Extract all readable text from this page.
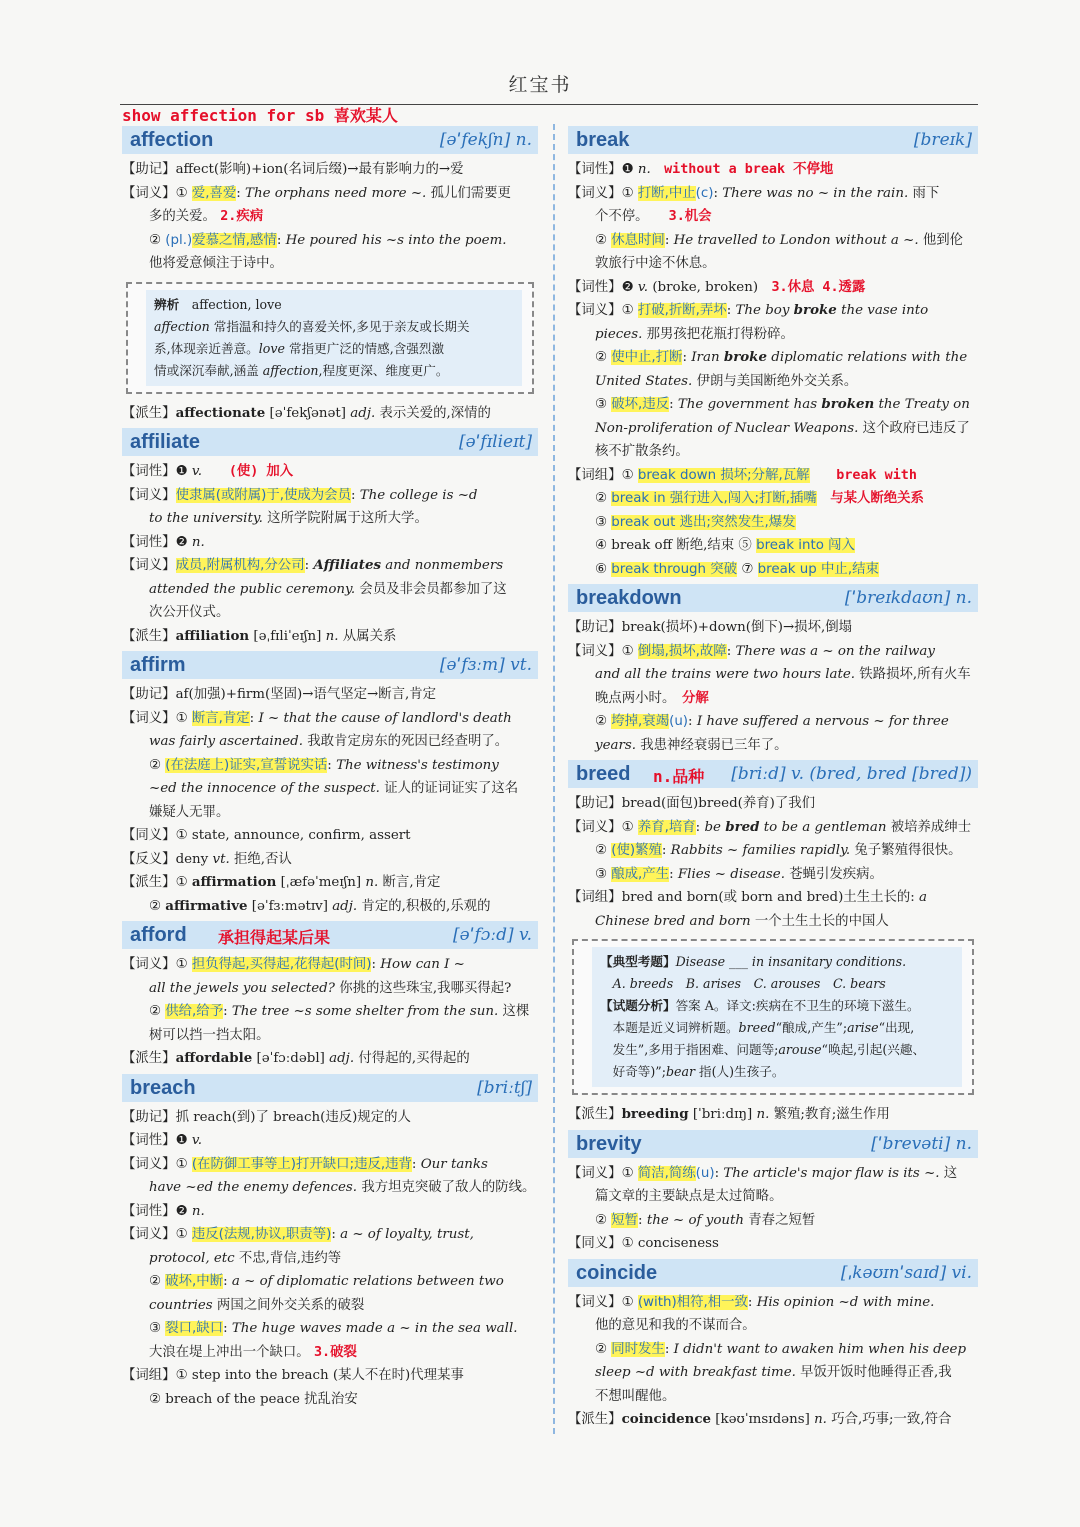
红宝书
show affection for sb 喜欢某人
affection	[əˈfekʃn] n.
【助记】affect(影响)+ion(名词后缀)→最有影响力的→爱
【词义】① 爱,喜爱: The orphans need more ~. 孤儿们需要更
多的关爱。 2.疾病
② (pl.)爱慕之情,感情: He poured his ~s into the poem.
他将爱意倾注于诗中。
辨析　affection, love
affection 常指温和持久的喜爱关怀,多见于亲友或长期关
系,体现亲近善意。love 常指更广泛的情感,含强烈激
情或深沉奉献,涵盖 affection,程度更深、维度更广。
【派生】affectionate [əˈfekʃənət] adj. 表示关爱的,深情的
affiliate	[əˈfɪlieɪt]
【词性】❶ v.　　 (使) 加入
【词义】使隶属(或附属)于,使成为会员: The college is ~d
to the university. 这所学院附属于这所大学。
【词性】❷ n.
【词义】成员,附属机构,分公司: Affiliates and nonmembers
attended the public ceremony. 会员及非会员都参加了这
次公开仪式。
【派生】affiliation [əˌfɪliˈeɪʃn] n. 从属关系
affirm	[əˈfɜːm] vt.
【助记】af(加强)+firm(坚固)→语气坚定→断言,肯定
【词义】① 断言,肯定: I ~ that the cause of landlord's death
was fairly ascertained. 我敢肯定房东的死因已经查明了。
② (在法庭上)证实,宣誓说实话: The witness's testimony
~ed the innocence of the suspect. 证人的证词证实了这名
嫌疑人无罪。
【同义】① state, announce, confirm, assert
【反义】deny vt. 拒绝,否认
【派生】① affirmation [ˌæfəˈmeɪʃn] n. 断言,肯定
② affirmative [əˈfɜːmətɪv] adj. 肯定的,积极的,乐观的
afford 承担得起某后果	[əˈfɔːd] v.
【词义】① 担负得起,买得起,花得起(时间): How can I ~
all the jewels you selected? 你挑的这些珠宝,我哪买得起?
② 供给,给予: The tree ~s some shelter from the sun. 这棵
树可以挡一挡太阳。
【派生】affordable [əˈfɔːdəbl] adj. 付得起的,买得起的
breach	[briːtʃ]
【助记】抓 reach(到)了 breach(违反)规定的人
【词性】❶ v.
【词义】① (在防御工事等上)打开缺口;违反,违背: Our tanks
have ~ed the enemy defences. 我方坦克突破了敌人的防线。
【词性】❷ n.
【词义】① 违反(法规,协议,职责等): a ~ of loyalty, trust,
protocol, etc 不忠,背信,违约等
② 破坏,中断: a ~ of diplomatic relations between two
countries 两国之间外交关系的破裂
③ 裂口,缺口: The huge waves made a ~ in the sea wall.
大浪在堤上冲出一个缺口。 3.破裂
【词组】① step into the breach (某人不在时)代理某事
② breach of the peace 扰乱治安
break	[breɪk]
【词性】❶ n.　 without a break 不停地
【词义】① 打断,中止(c): There was no ~ in the rain. 雨下
个不停。　　3.机会
② 休息时间: He travelled to London without a ~. 他到伦
敦旅行中途不休息。
【词性】❷ v. (broke, broken)　3.休息 4.透露
【词义】① 打破,折断,弄坏: The boy broke the vase into
pieces. 那男孩把花瓶打得粉碎。
② 使中止,打断: Iran broke diplomatic relations with the
United States. 伊朗与美国断绝外交关系。
③ 破坏,违反: The government has broken the Treaty on
Non-proliferation of Nuclear Weapons. 这个政府已违反了
核不扩散条约。
【词组】① break down 损坏;分解,瓦解　　 break with
② break in 强行进入,闯入;打断,插嘴　 与某人断绝关系
③ break out 逃出;突然发生,爆发
④ break off 断绝,结束 ⑤ break into 闯入
⑥ break through 突破 ⑦ break up 中止,结束
breakdown	[ˈbreɪkdaʊn] n.
【助记】break(损坏)+down(倒下)→损坏,倒塌
【词义】① 倒塌,损坏,故障: There was a ~ on the railway
and all the trains were two hours late. 铁路损坏,所有火车
晚点两小时。　分解
② 垮掉,衰竭(u): I have suffered a nervous ~ for three
years. 我患神经衰弱已三年了。
breed n.品种 [briːd] v. (bred, bred [bred])
【助记】bread(面包)breed(养育)了我们
【词义】① 养育,培育: be bred to be a gentleman 被培养成绅士
② (使)繁殖: Rabbits ~ families rapidly. 兔子繁殖得很快。
③ 酿成,产生: Flies ~ disease. 苍蝇引发疾病。
【词组】bred and born(或 born and bred)土生土长的: a
Chinese bred and born 一个土生土长的中国人
【典型考题】Disease ___ in insanitary conditions.
　A. breeds　B. arises　C. arouses　C. bears
【试题分析】答案 A。译文:疾病在不卫生的环境下滋生。
　本题是近义词辨析题。breed“酿成,产生”;arise“出现,
　发生”,多用于指困难、问题等;arouse“唤起,引起(兴趣、
　好奇等)”;bear 指(人)生孩子。
【派生】breeding [ˈbriːdɪŋ] n. 繁殖;教育;滋生作用
brevity	[ˈbrevəti] n.
【词义】① 简洁,简练(u): The article's major flaw is its ~. 这
篇文章的主要缺点是太过简略。
② 短暂: the ~ of youth 青春之短暂
【同义】① conciseness
coincide	[ˌkəʊɪnˈsaɪd] vi.
【词义】① (with)相符,相一致: His opinion ~d with mine.
他的意见和我的不谋而合。
② 同时发生: I didn't want to awaken him when his deep
sleep ~d with breakfast time. 早饭开饭时他睡得正香,我
不想叫醒他。
【派生】coincidence [kəʊˈɪnsɪdəns] n. 巧合,巧事;一致,符合
